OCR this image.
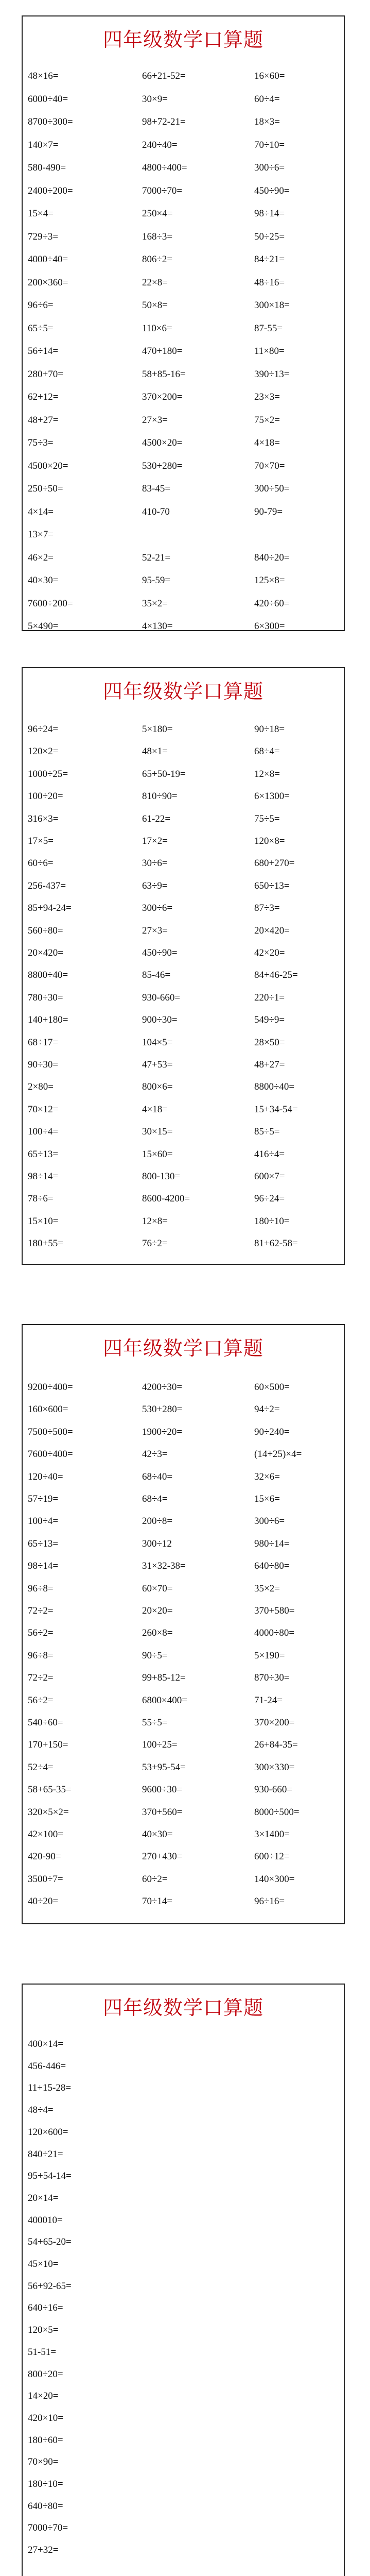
四年级数学口算题
48×16=	66+21-52=	16×60=
6000÷40=	30×9=	60÷4=
8700÷300=	98+72-21=	18×3=
140×7=	240÷40=	70÷10=
580-490=	4800÷400=	300÷6=
2400÷200=	7000÷70=	450÷90=
15×4=	250×4=	98÷14=
729÷3=	168÷3=	50÷25=
4000÷40=	806÷2=	84÷21=
200×360=	22×8=	48÷16=
96÷6=	50×8=	300×18=
65÷5=	110×6=	87-55=
56÷14=	470+180=	11×80=
280+70=	58+85-16=	390÷13=
62+12=	370×200=	23×3=
48+27=	27×3=	75×2=
75÷3=	4500×20=	4×18=
4500×20=	530+280=	70×70=
250÷50=	83-45=	300÷50=
4×14=	410-70	90-79=
13×7=
46×2=	52-21=	840÷20=
40×30=	95-59=	125×8=
7600÷200=	35×2=	420÷60=
5×490=	4×130=	6×300=
四年级数学口算题
96÷24=	5×180=	90÷18=
120×2=	48×1=	68÷4=
1000÷25=	65+50-19=	12×8=
100÷20=	810÷90=	6×1300=
316×3=	61-22=	75÷5=
17×5=	17×2=	120×8=
60÷6=	30÷6=	680+270=
256-437=	63÷9=	650÷13=
85+94-24=	300÷6=	87÷3=
560÷80=	27×3=	20×420=
20×420=	450÷90=	42×20=
8800÷40=	85-46=	84+46-25=
780÷30=	930-660=	220÷1=
140+180=	900÷30=	549÷9=
68÷17=	104×5=	28×50=
90÷30=	47+53=	48+27=
2×80=	800×6=	8800÷40=
70×12=	4×18=	15+34-54=
100÷4=	30×15=	85÷5=
65÷13=	15×60=	416÷4=
98÷14=	800-130=	600×7=
78÷6=	8600-4200=	96÷24=
15×10=	12×8=	180÷10=
180+55=	76÷2=	81+62-58=
四年级数学口算题
9200÷400=	4200÷30=	60×500=
160×600=	530+280=	94÷2=
7500÷500=	1900÷20=	90÷240=
7600÷400=	42÷3=	(14+25)×4=
120÷40=	68÷40=	32×6=
57÷19=	68÷4=	15×6=
100÷4=	200÷8=	300÷6=
65÷13=	300÷12	980÷14=
98÷14=	31×32-38=	640÷80=
96÷8=	60×70=	35×2=
72÷2=	20×20=	370+580=
56÷2=	260×8=	4000÷80=
96÷8=	90÷5=	5×190=
72÷2=	99+85-12=	870÷30=
56÷2=	6800×400=	71-24=
540÷60=	55÷5=	370×200=
170+150=	100÷25=	26+84-35=
52÷4=	53+95-54=	300×330=
58+65-35=	9600÷30=	930-660=
320×5×2=	370+560=	8000÷500=
42×100=	40×30=	3×1400=
420-90=	270+430=	600÷12=
3500÷7=	60÷2=	140×300=
40÷20=	70÷14=	96÷16=
四年级数学口算题
400×14=
456-446=
11+15-28=
48÷4=
120×600=
840÷21=
95+54-14=
20×14=
400010=
54+65-20=
45×10=
56+92-65=
640÷16=
120×5=
51-51=
800÷20=
14×20=
420×10=
180÷60=
70×90=
180÷10=
640÷80=
7000÷70=
27+32=
